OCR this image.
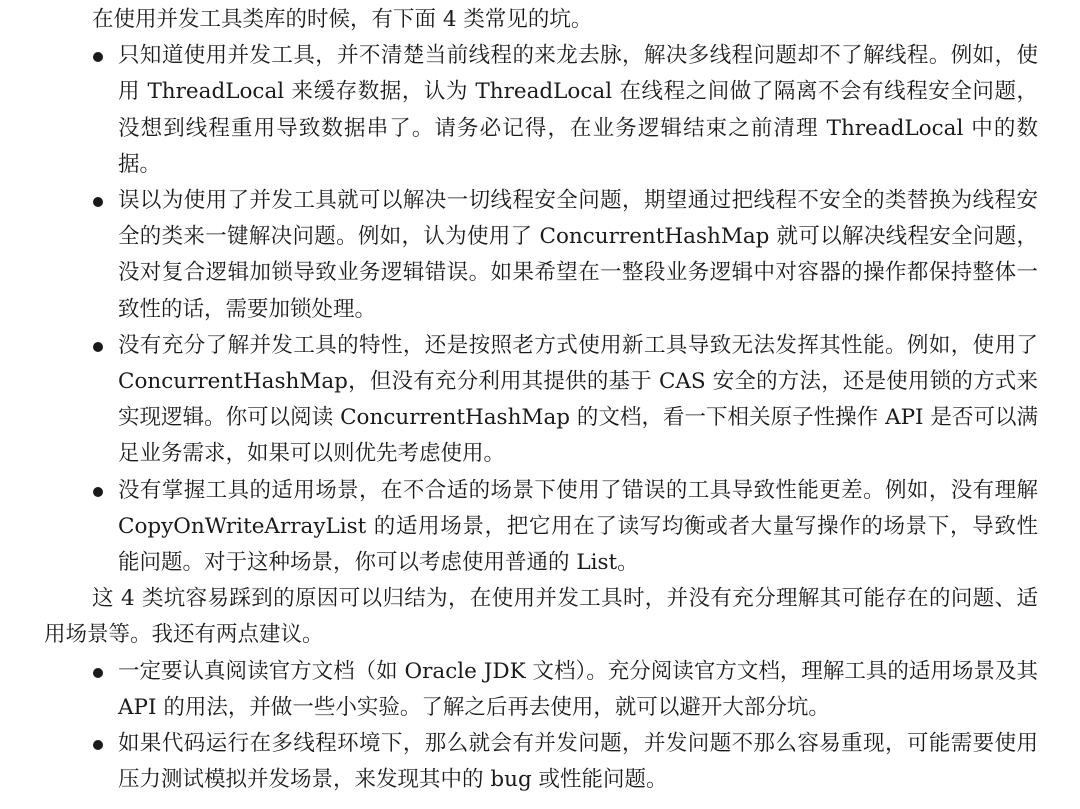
在使用并发工具类库的时候，有下面 4 类常见的坑。

只知道使用并发工具，并不清楚当前线程的来龙去脉，解决多线程问题却不了解线程。例如，使用 ThreadLocal 来缓存数据，认为 ThreadLocal 在线程之间做了隔离不会有线程安全问题，没想到线程重用导致数据串了。请务必记得，在业务逻辑结束之前清理 ThreadLocal 中的数据。
误以为使用了并发工具就可以解决一切线程安全问题，期望通过把线程不安全的类替换为线程安全的类来一键解决问题。例如，认为使用了 ConcurrentHashMap 就可以解决线程安全问题，没对复合逻辑加锁导致业务逻辑错误。如果希望在一整段业务逻辑中对容器的操作都保持整体一致性的话，需要加锁处理。
没有充分了解并发工具的特性，还是按照老方式使用新工具导致无法发挥其性能。例如，使用了 ConcurrentHashMap，但没有充分利用其提供的基于 CAS 安全的方法，还是使用锁的方式来实现逻辑。你可以阅读 ConcurrentHashMap 的文档，看一下相关原子性操作 API 是否可以满足业务需求，如果可以则优先考虑使用。
没有掌握工具的适用场景，在不合适的场景下使用了错误的工具导致性能更差。例如，没有理解 CopyOnWriteArrayList 的适用场景，把它用在了读写均衡或者大量写操作的场景下，导致性能问题。对于这种场景，你可以考虑使用普通的 List。

这 4 类坑容易踩到的原因可以归结为，在使用并发工具时，并没有充分理解其可能存在的问题、适用场景等。我还有两点建议。

一定要认真阅读官方文档（如 Oracle JDK 文档）。充分阅读官方文档，理解工具的适用场景及其 API 的用法，并做一些小实验。了解之后再去使用，就可以避开大部分坑。
如果代码运行在多线程环境下，那么就会有并发问题，并发问题不那么容易重现，可能需要使用压力测试模拟并发场景，来发现其中的 bug 或性能问题。
